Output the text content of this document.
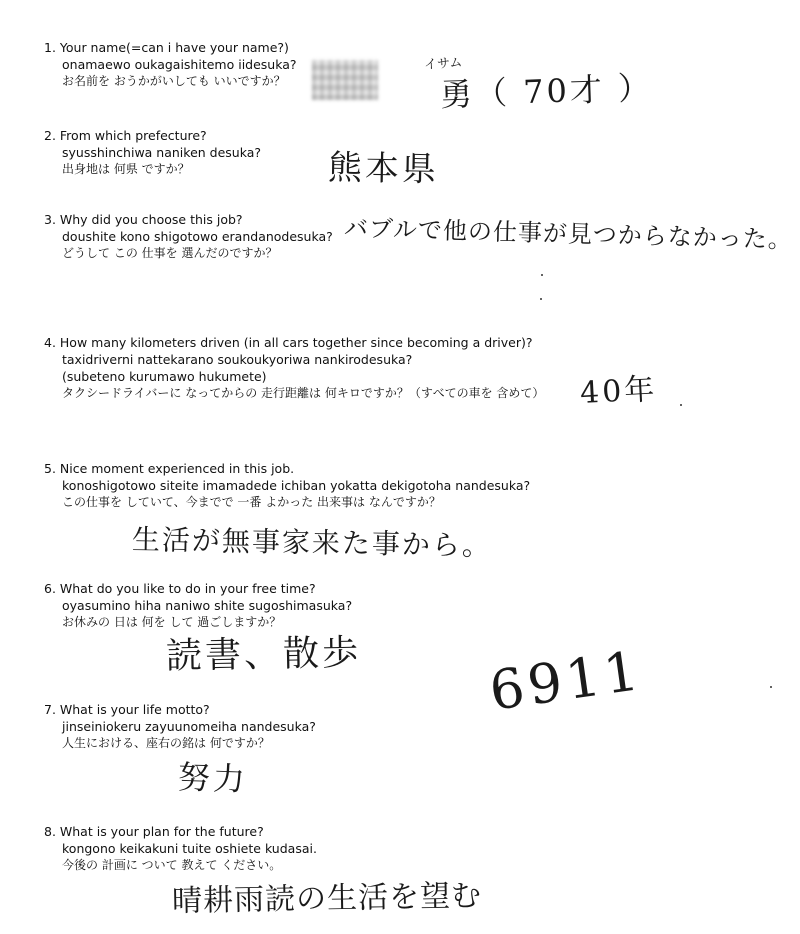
1. Your name(=can i have your name?)
onamaewo oukagaishitemo iidesuka?
お名前を おうかがいしても いいですか？
2. From which prefecture?
syusshinchiwa naniken desuka?
出身地は 何県 ですか？
3. Why did you choose this job?
doushite kono shigotowo erandanodesuka?
どうして この 仕事を 選んだのですか？
4. How many kilometers driven (in all cars together since becoming a driver)?
taxidriverni nattekarano soukoukyoriwa nankirodesuka?
(subeteno kurumawo hukumete)
タクシードライバーに なってからの 走行距離は 何キロですか？（すべての車を 含めて）
5. Nice moment experienced in this job.
konoshigotowo siteite imamadede ichiban yokatta dekigotoha nandesuka?
この仕事を していて、今までで 一番 よかった 出来事は なんですか？
6. What do you like to do in your free time?
oyasumino hiha naniwo shite sugoshimasuka?
お休みの 日は 何を して 過ごしますか？
7. What is your life motto?
jinseiniokeru zayuunomeiha nandesuka?
人生における、座右の銘は 何ですか？
8. What is your plan for the future?
kongono keikakuni tuite oshiete kudasai.
今後の 計画に ついて 教えて ください。
イサム
勇（ 70才 ）
熊本県
バブルで他の仕事が見つからなかった。
40年
生活が無事家来た事から。
読書、散歩 6911
努力
晴耕雨読の生活を望む
